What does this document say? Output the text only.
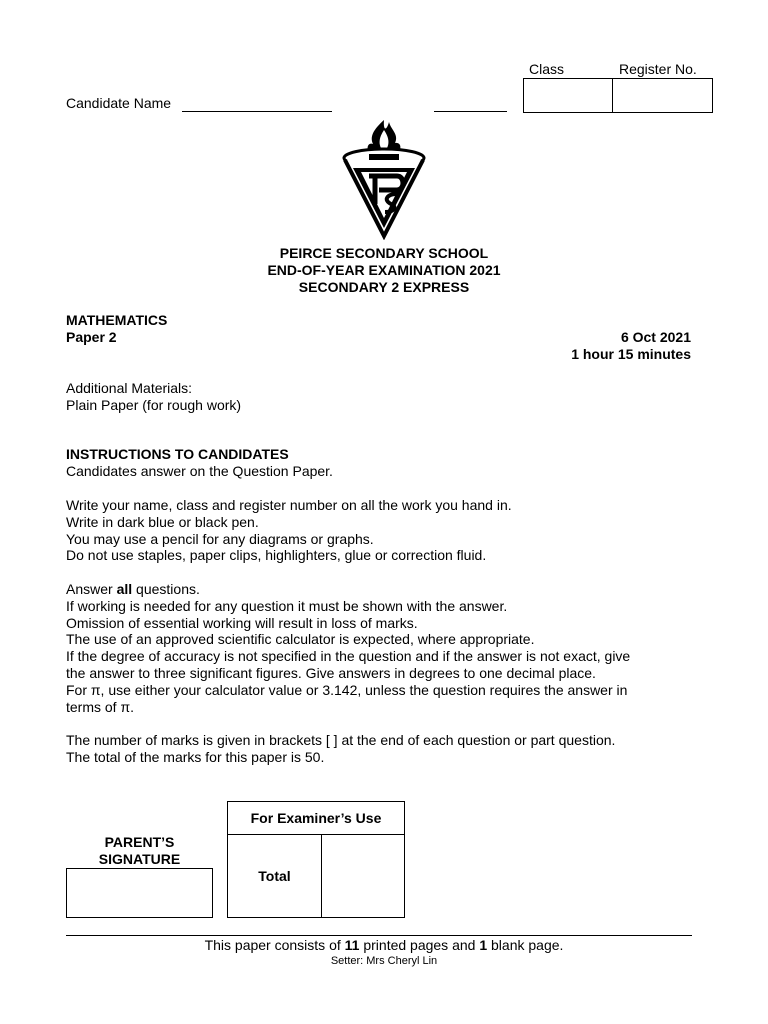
Candidate Name
Class	Register No.
PEIRCE SECONDARY SCHOOL
END-OF-YEAR EXAMINATION 2021
SECONDARY 2 EXPRESS
MATHEMATICS
Paper 2	6 Oct 2021
1 hour 15 minutes
Additional Materials:
Plain Paper (for rough work)
INSTRUCTIONS TO CANDIDATES
Candidates answer on the Question Paper.
Write your name, class and register number on all the work you hand in.
Write in dark blue or black pen.
You may use a pencil for any diagrams or graphs.
Do not use staples, paper clips, highlighters, glue or correction fluid.
Answer all questions.
If working is needed for any question it must be shown with the answer.
Omission of essential working will result in loss of marks.
The use of an approved scientific calculator is expected, where appropriate.
If the degree of accuracy is not specified in the question and if the answer is not exact, give
the answer to three significant figures. Give answers in degrees to one decimal place.
For π, use either your calculator value or 3.142, unless the question requires the answer in
terms of π.
The number of marks is given in brackets [ ] at the end of each question or part question.
The total of the marks for this paper is 50.
PARENT’S
SIGNATURE
For Examiner’s Use
Total
This paper consists of 11 printed pages and 1 blank page.
Setter: Mrs Cheryl Lin
